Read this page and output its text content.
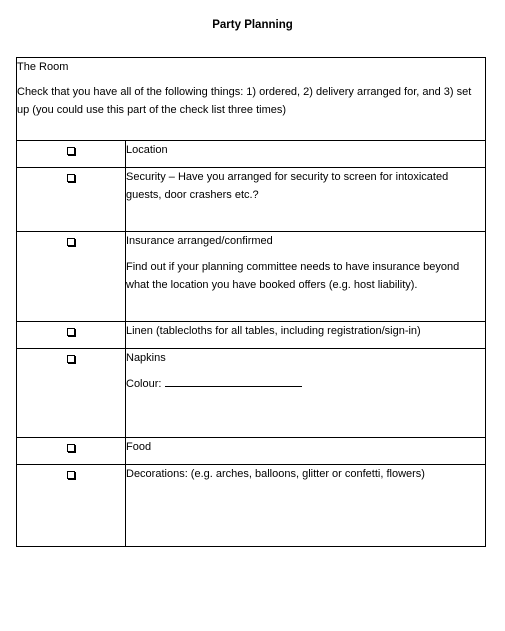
Party Planning

The Room

Check that you have all of the following things: 1) ordered, 2) delivery arranged for, and 3) set up (you could use this part of the check list three times)	

	Location

	Security – Have you arranged for security to screen for intoxicated guests, door crashers etc.?

	Insurance arranged/confirmed

Find out if your planning committee needs to have insurance beyond what the location you have booked offers (e.g. host liability).

	Linen (tablecloths for all tables, including registration/sign-in)

	Napkins

Colour:

	Food

	Decorations: (e.g. arches, balloons, glitter or confetti, flowers)
